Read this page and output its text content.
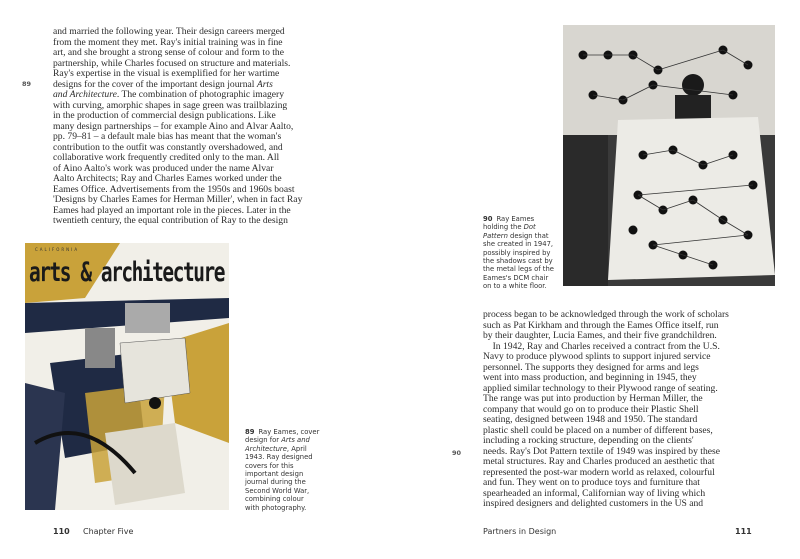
and married the following year. Their design careers merged
from the moment they met. Ray's initial training was in fine
art, and she brought a strong sense of colour and form to the
partnership, while Charles focused on structure and materials.
Ray's expertise in the visual is exemplified for her wartime
designs for the cover of the important design journal Arts
and Architecture. The combination of photographic imagery
with curving, amorphic shapes in sage green was trailblazing
in the production of commercial design publications. Like
many design partnerships – for example Aino and Alvar Aalto,
pp. 79–81 – a default male bias has meant that the woman's
contribution to the outfit was constantly overshadowed, and
collaborative work frequently credited only to the man. All
of Aino Aalto's work was produced under the name Alvar
Aalto Architects; Ray and Charles Eames worked under the
Eames Office. Advertisements from the 1950s and 1960s boast
'Designs by Charles Eames for Herman Miller', when in fact Ray
Eames had played an important role in the pieces. Later in the
twentieth century, the equal contribution of Ray to the design
89
CALIFORNIA
arts & architecture
89 Ray Eames, cover
design for Arts and
Architecture, April
1943. Ray designed
covers for this
important design
journal during the
Second World War,
combining colour
with photography.
90 Ray Eames
holding the Dot
Pattern design that
she created in 1947,
possibly inspired by
the shadows cast by
the metal legs of the
Eames's DCM chair
on to a white floor.
process began to be acknowledged through the work of scholars
such as Pat Kirkham and through the Eames Office itself, run
by their daughter, Lucia Eames, and their five grandchildren.
 In 1942, Ray and Charles received a contract from the U.S.
Navy to produce plywood splints to support injured service
personnel. The supports they designed for arms and legs
went into mass production, and beginning in 1945, they
applied similar technology to their Plywood range of seating.
The range was put into production by Herman Miller, the
company that would go on to produce their Plastic Shell
seating, designed between 1948 and 1950. The standard
plastic shell could be placed on a number of different bases,
including a rocking structure, depending on the clients'
needs. Ray's Dot Pattern textile of 1949 was inspired by these
metal structures. Ray and Charles produced an aesthetic that
represented the post-war modern world as relaxed, colourful
and fun. They went on to produce toys and furniture that
spearheaded an informal, Californian way of living which
inspired designers and delighted customers in the US and
90
110 Chapter Five	Partners in Design	111
